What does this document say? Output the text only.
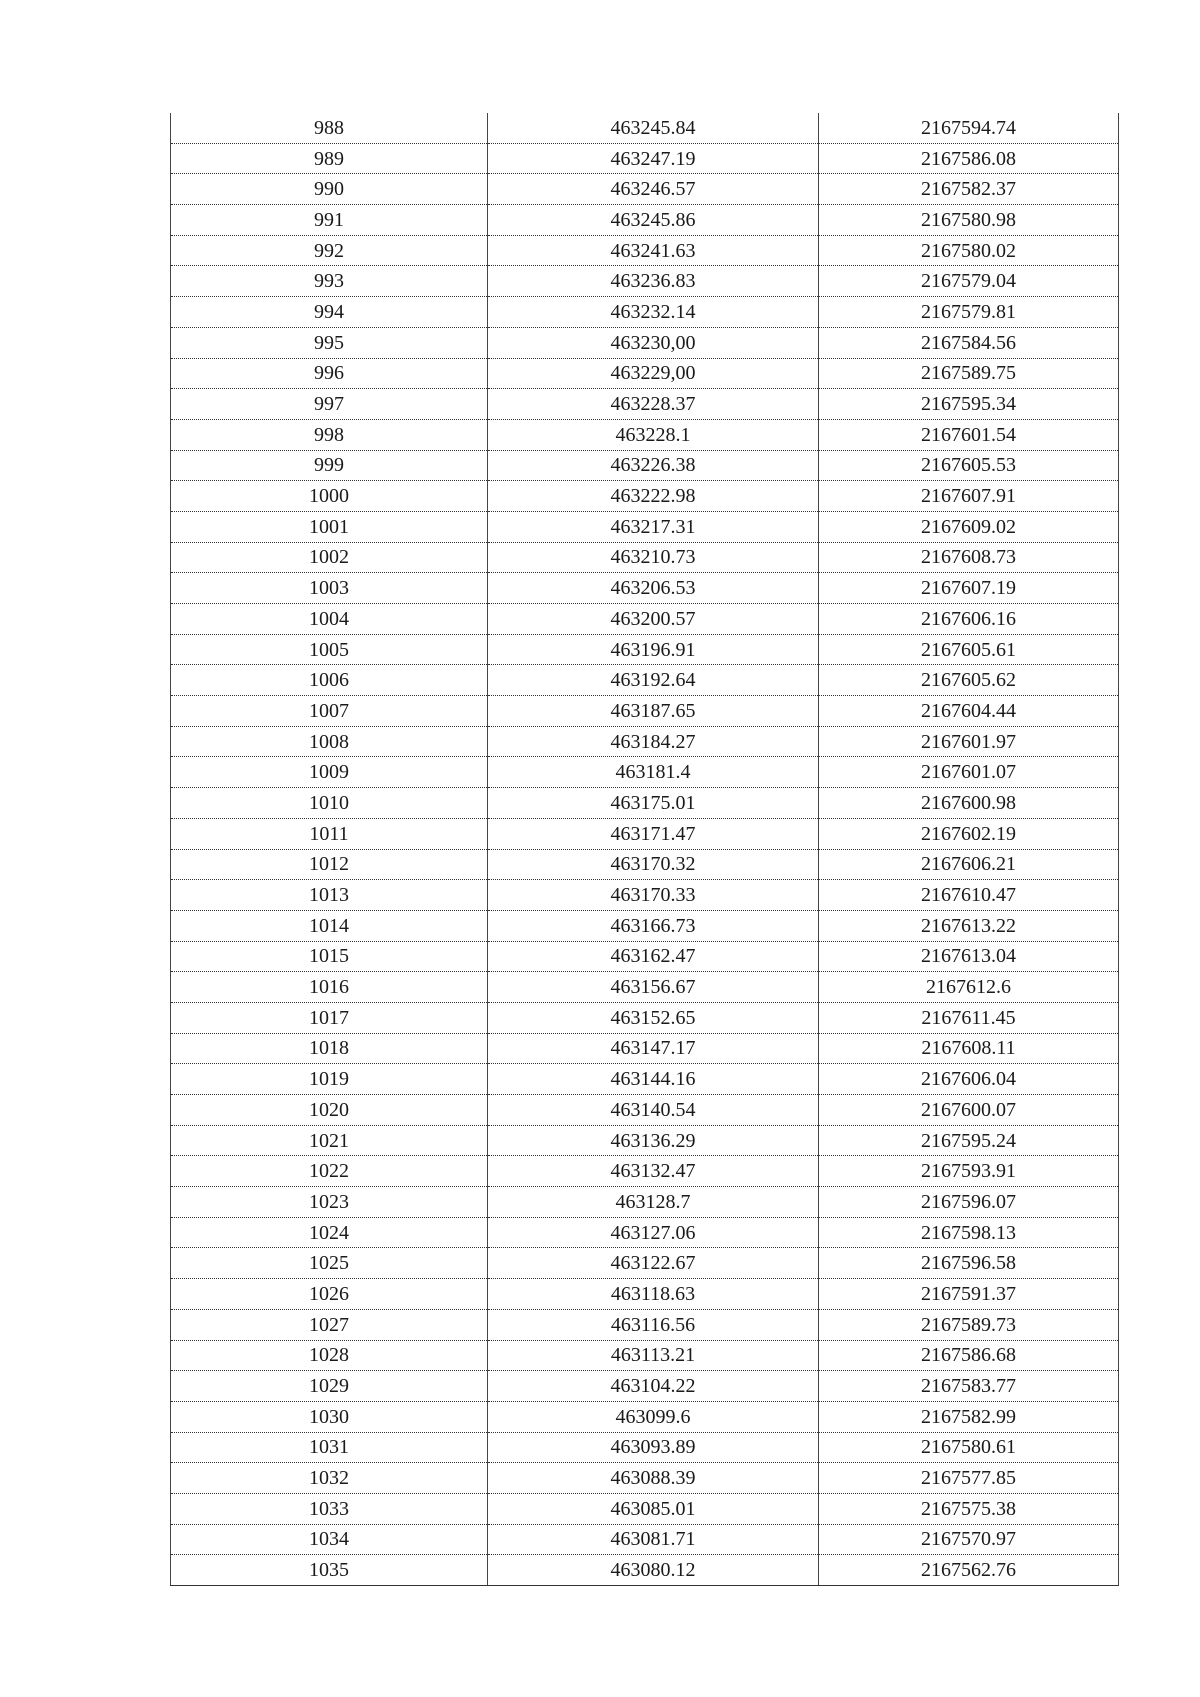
988	463245.84	2167594.74
989	463247.19	2167586.08
990	463246.57	2167582.37
991	463245.86	2167580.98
992	463241.63	2167580.02
993	463236.83	2167579.04
994	463232.14	2167579.81
995	463230,00	2167584.56
996	463229,00	2167589.75
997	463228.37	2167595.34
998	463228.1	2167601.54
999	463226.38	2167605.53
1000	463222.98	2167607.91
1001	463217.31	2167609.02
1002	463210.73	2167608.73
1003	463206.53	2167607.19
1004	463200.57	2167606.16
1005	463196.91	2167605.61
1006	463192.64	2167605.62
1007	463187.65	2167604.44
1008	463184.27	2167601.97
1009	463181.4	2167601.07
1010	463175.01	2167600.98
1011	463171.47	2167602.19
1012	463170.32	2167606.21
1013	463170.33	2167610.47
1014	463166.73	2167613.22
1015	463162.47	2167613.04
1016	463156.67	2167612.6
1017	463152.65	2167611.45
1018	463147.17	2167608.11
1019	463144.16	2167606.04
1020	463140.54	2167600.07
1021	463136.29	2167595.24
1022	463132.47	2167593.91
1023	463128.7	2167596.07
1024	463127.06	2167598.13
1025	463122.67	2167596.58
1026	463118.63	2167591.37
1027	463116.56	2167589.73
1028	463113.21	2167586.68
1029	463104.22	2167583.77
1030	463099.6	2167582.99
1031	463093.89	2167580.61
1032	463088.39	2167577.85
1033	463085.01	2167575.38
1034	463081.71	2167570.97
1035	463080.12	2167562.76
